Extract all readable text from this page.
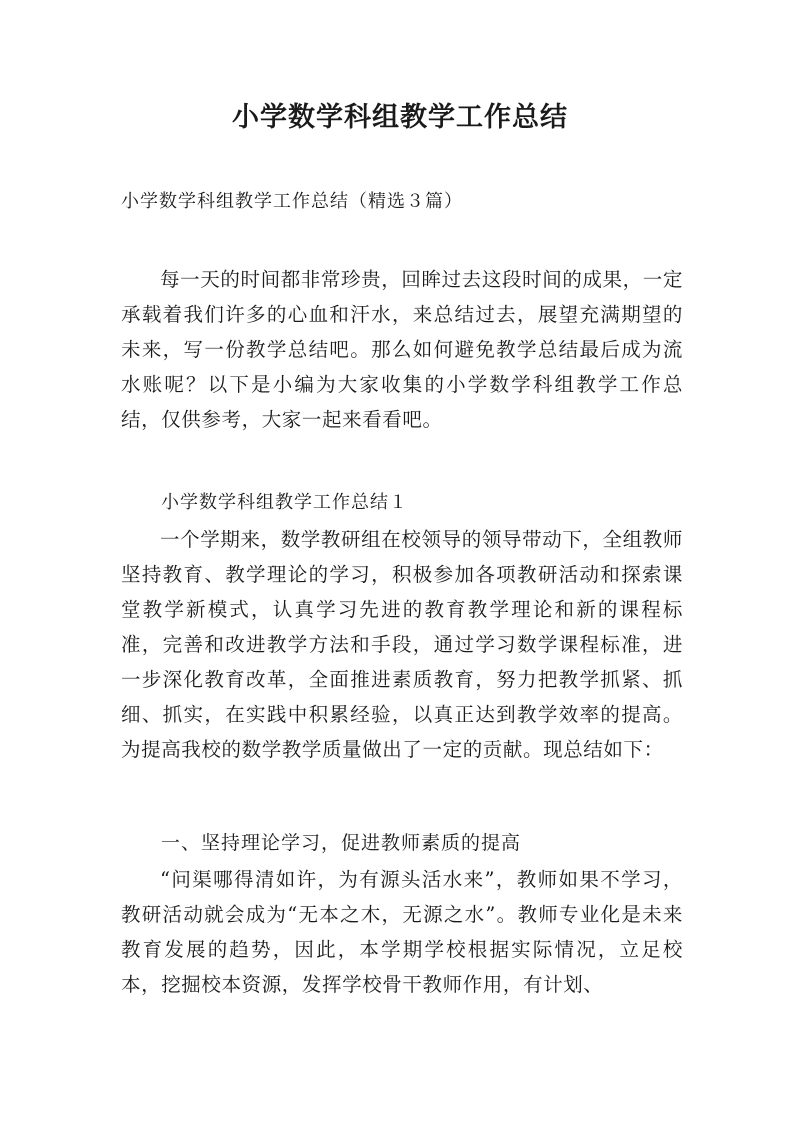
小学数学科组教学工作总结

小学数学科组教学工作总结（精选３篇）

每一天的时间都非常珍贵，回眸过去这段时间的成果，一定承载着我们许多的心血和汗水，来总结过去，展望充满期望的未来，写一份教学总结吧。那么如何避免教学总结最后成为流水账呢？以下是小编为大家收集的小学数学科组教学工作总结，仅供参考，大家一起来看看吧。

小学数学科组教学工作总结１

一个学期来，数学教研组在校领导的领导带动下，全组教师坚持教育、教学理论的学习，积极参加各项教研活动和探索课堂教学新模式，认真学习先进的教育教学理论和新的课程标准，完善和改进教学方法和手段，通过学习数学课程标准，进一步深化教育改革，全面推进素质教育，努力把教学抓紧、抓细、抓实，在实践中积累经验，以真正达到教学效率的提高。为提高我校的数学教学质量做出了一定的贡献。现总结如下：

一、坚持理论学习，促进教师素质的提高

“问渠哪得清如许，为有源头活水来”，教师如果不学习，教研活动就会成为“无本之木，无源之水”。教师专业化是未来教育发展的趋势，因此，本学期学校根据实际情况，立足校本，挖掘校本资源，发挥学校骨干教师作用，有计划、
